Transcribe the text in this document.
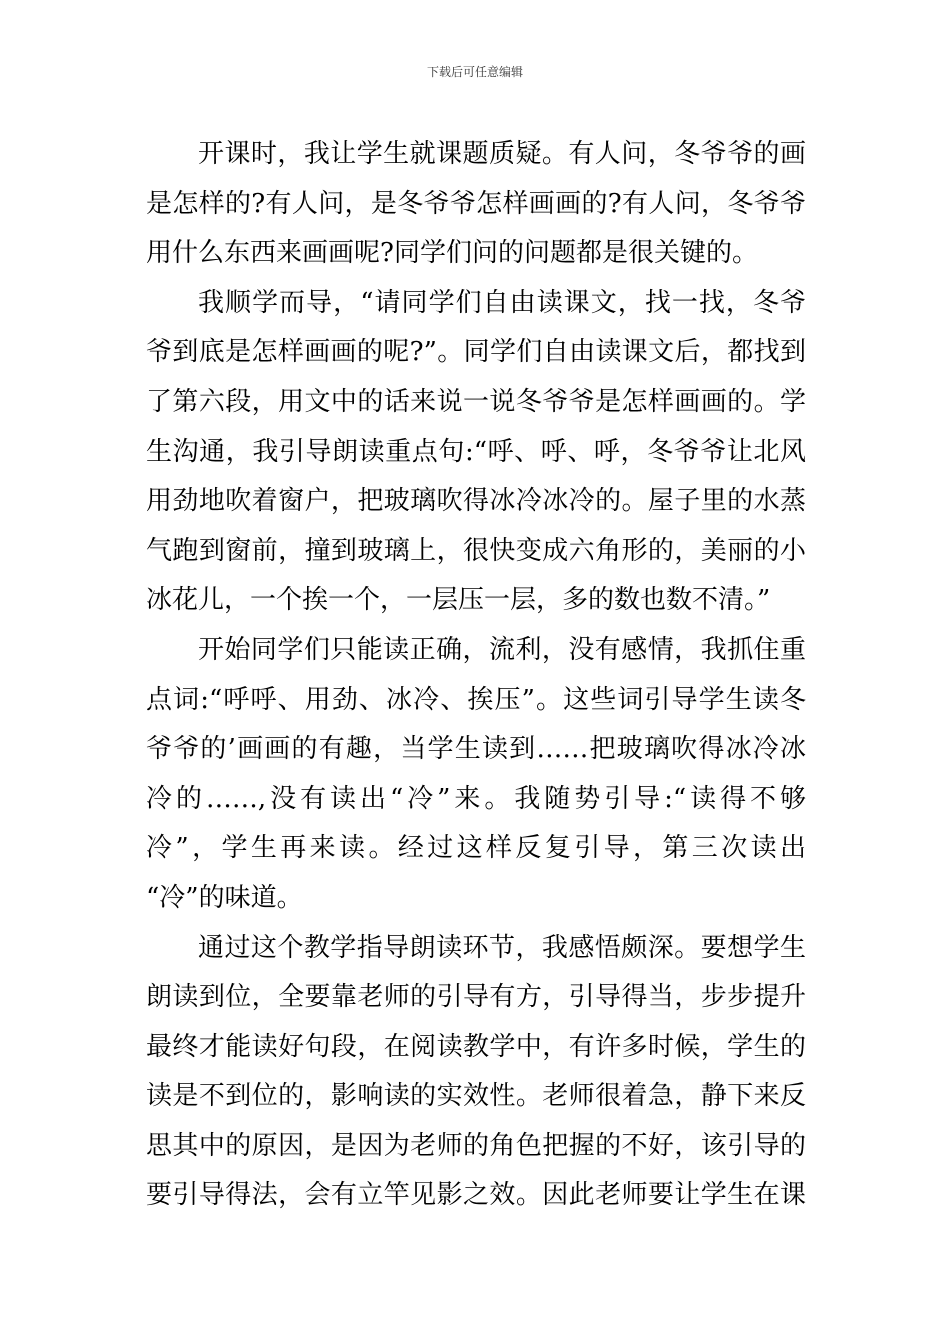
下载后可任意编辑
开课时，我让学生就课题质疑。有人问，冬爷爷的画
是怎样的?有人问，是冬爷爷怎样画画的?有人问，冬爷爷
用什么东西来画画呢?同学们问的问题都是很关键的。
我顺学而导，“请同学们自由读课文，找一找，冬爷
爷到底是怎样画画的呢?”。同学们自由读课文后，都找到
了第六段，用文中的话来说一说冬爷爷是怎样画画的。学
生沟通，我引导朗读重点句:“呼、呼、呼，冬爷爷让北风
用劲地吹着窗户，把玻璃吹得冰冷冰冷的。屋子里的水蒸
气跑到窗前，撞到玻璃上，很快变成六角形的，美丽的小
冰花儿，一个挨一个，一层压一层，多的数也数不清。”
开始同学们只能读正确，流利，没有感情，我抓住重
点词:“呼呼、用劲、冰冷、挨压”。这些词引导学生读冬
爷爷的’画画的有趣，当学生读到……把玻璃吹得冰冷冰
冷的……,没有读出“冷”来。我随势引导:“读得不够
冷”，学生再来读。经过这样反复引导，第三次读出
“冷”的味道。
通过这个教学指导朗读环节，我感悟颇深。要想学生
朗读到位，全要靠老师的引导有方，引导得当，步步提升
最终才能读好句段，在阅读教学中，有许多时候，学生的
读是不到位的，影响读的实效性。老师很着急，静下来反
思其中的原因，是因为老师的角色把握的不好，该引导的
要引导得法，会有立竿见影之效。因此老师要让学生在课
